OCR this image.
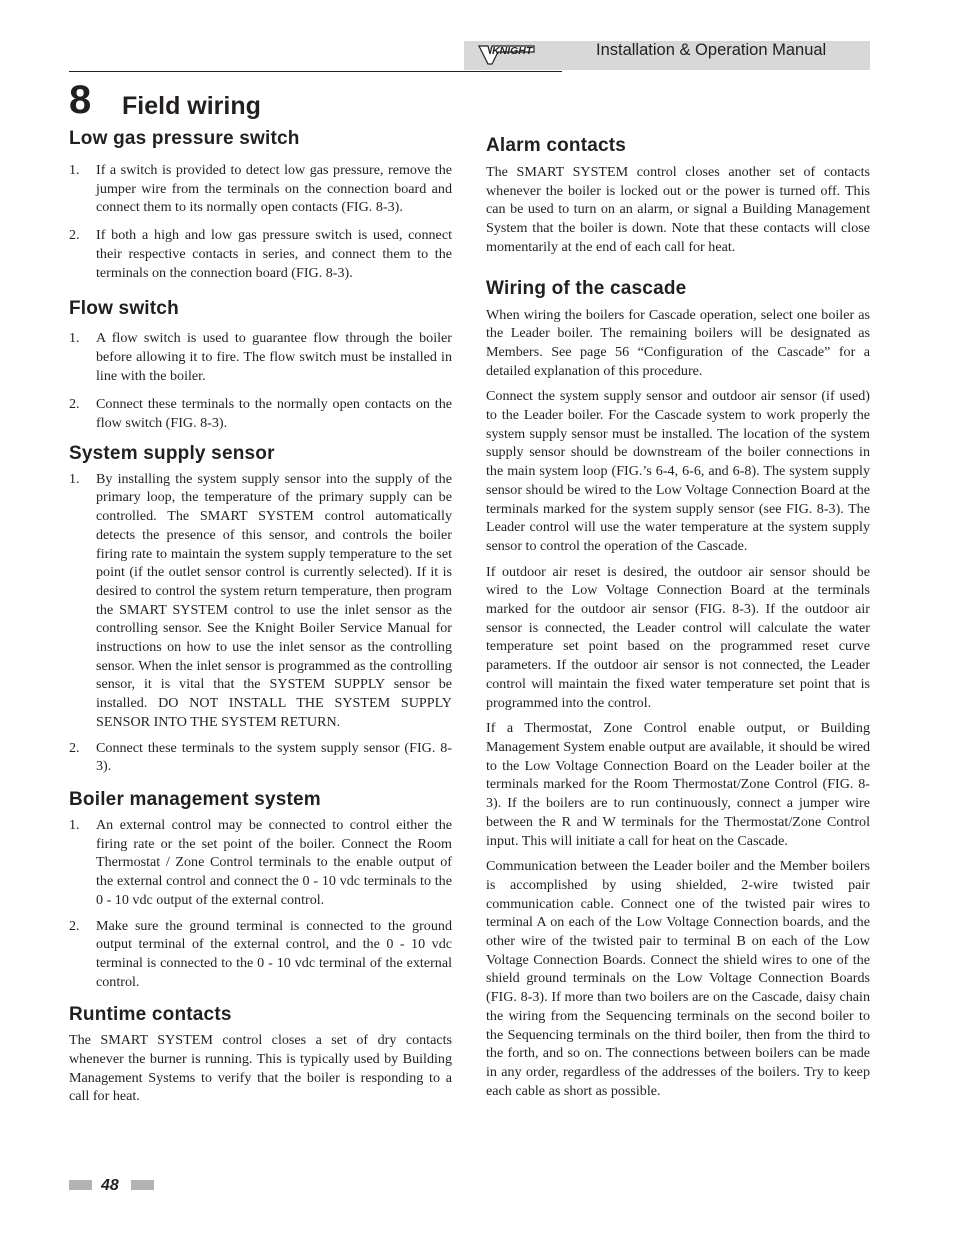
KNIGHT	Installation & Operation Manual
8 Field wiring
Low gas pressure switch
1. If a switch is provided to detect low gas pressure, remove the jumper wire from the terminals on the connection board and connect them to its normally open contacts (FIG. 8-3).
2. If both a high and low gas pressure switch is used, connect their respective contacts in series, and connect them to the terminals on the connection board (FIG. 8-3).
Flow switch
1. A flow switch is used to guarantee flow through the boiler before allowing it to fire. The flow switch must be installed in line with the boiler.
2. Connect these terminals to the normally open contacts on the flow switch (FIG. 8-3).
System supply sensor
1. By installing the system supply sensor into the supply of the primary loop, the temperature of the primary supply can be controlled. The SMART SYSTEM control automatically detects the presence of this sensor, and controls the boiler firing rate to maintain the system supply temperature to the set point (if the outlet sensor control is currently selected). If it is desired to control the system return temperature, then program the SMART SYSTEM control to use the inlet sensor as the controlling sensor. See the Knight Boiler Service Manual for instructions on how to use the inlet sensor as the controlling sensor. When the inlet sensor is programmed as the controlling sensor, it is vital that the SYSTEM SUPPLY sensor be installed. DO NOT INSTALL THE SYSTEM SUPPLY SENSOR INTO THE SYSTEM RETURN.
2. Connect these terminals to the system supply sensor (FIG. 8-3).
Boiler management system
1. An external control may be connected to control either the firing rate or the set point of the boiler. Connect the Room Thermostat / Zone Control terminals to the enable output of the external control and connect the 0 - 10 vdc terminals to the 0 - 10 vdc output of the external control.
2. Make sure the ground terminal is connected to the ground output terminal of the external control, and the 0 - 10 vdc terminal is connected to the 0 - 10 vdc terminal of the external control.
Runtime contacts

The SMART SYSTEM control closes a set of dry contacts whenever the burner is running. This is typically used by Building Management Systems to verify that the boiler is responding to a call for heat.

Alarm contacts

The SMART SYSTEM control closes another set of contacts whenever the boiler is locked out or the power is turned off. This can be used to turn on an alarm, or signal a Building Management System that the boiler is down. Note that these contacts will close momentarily at the end of each call for heat.

Wiring of the cascade

When wiring the boilers for Cascade operation, select one boiler as the Leader boiler. The remaining boilers will be designated as Members. See page 56 “Configuration of the Cascade” for a detailed explanation of this procedure.

Connect the system supply sensor and outdoor air sensor (if used) to the Leader boiler. For the Cascade system to work properly the system supply sensor must be installed. The location of the system supply sensor should be downstream of the boiler connections in the main system loop (FIG.’s 6-4, 6-6, and 6-8). The system supply sensor should be wired to the Low Voltage Connection Board at the terminals marked for the system supply sensor (see FIG. 8-3). The Leader control will use the water temperature at the system supply sensor to control the operation of the Cascade.

If outdoor air reset is desired, the outdoor air sensor should be wired to the Low Voltage Connection Board at the terminals marked for the outdoor air sensor (FIG. 8-3). If the outdoor air sensor is connected, the Leader control will calculate the water temperature set point based on the programmed reset curve parameters. If the outdoor air sensor is not connected, the Leader control will maintain the fixed water temperature set point that is programmed into the control.

If a Thermostat, Zone Control enable output, or Building Management System enable output are available, it should be wired to the Low Voltage Connection Board on the Leader boiler at the terminals marked for the Room Thermostat/Zone Control (FIG. 8-3). If the boilers are to run continuously, connect a jumper wire between the R and W terminals for the Thermostat/Zone Control input. This will initiate a call for heat on the Cascade.

Communication between the Leader boiler and the Member boilers is accomplished by using shielded, 2-wire twisted pair communication cable. Connect one of the twisted pair wires to terminal A on each of the Low Voltage Connection boards, and the other wire of the twisted pair to terminal B on each of the Low Voltage Connection Boards. Connect the shield wires to one of the shield ground terminals on the Low Voltage Connection Boards (FIG. 8-3). If more than two boilers are on the Cascade, daisy chain the wiring from the Sequencing terminals on the second boiler to the Sequencing terminals on the third boiler, then from the third to the forth, and so on. The connections between boilers can be made in any order, regardless of the addresses of the boilers. Try to keep each cable as short as possible.

48
